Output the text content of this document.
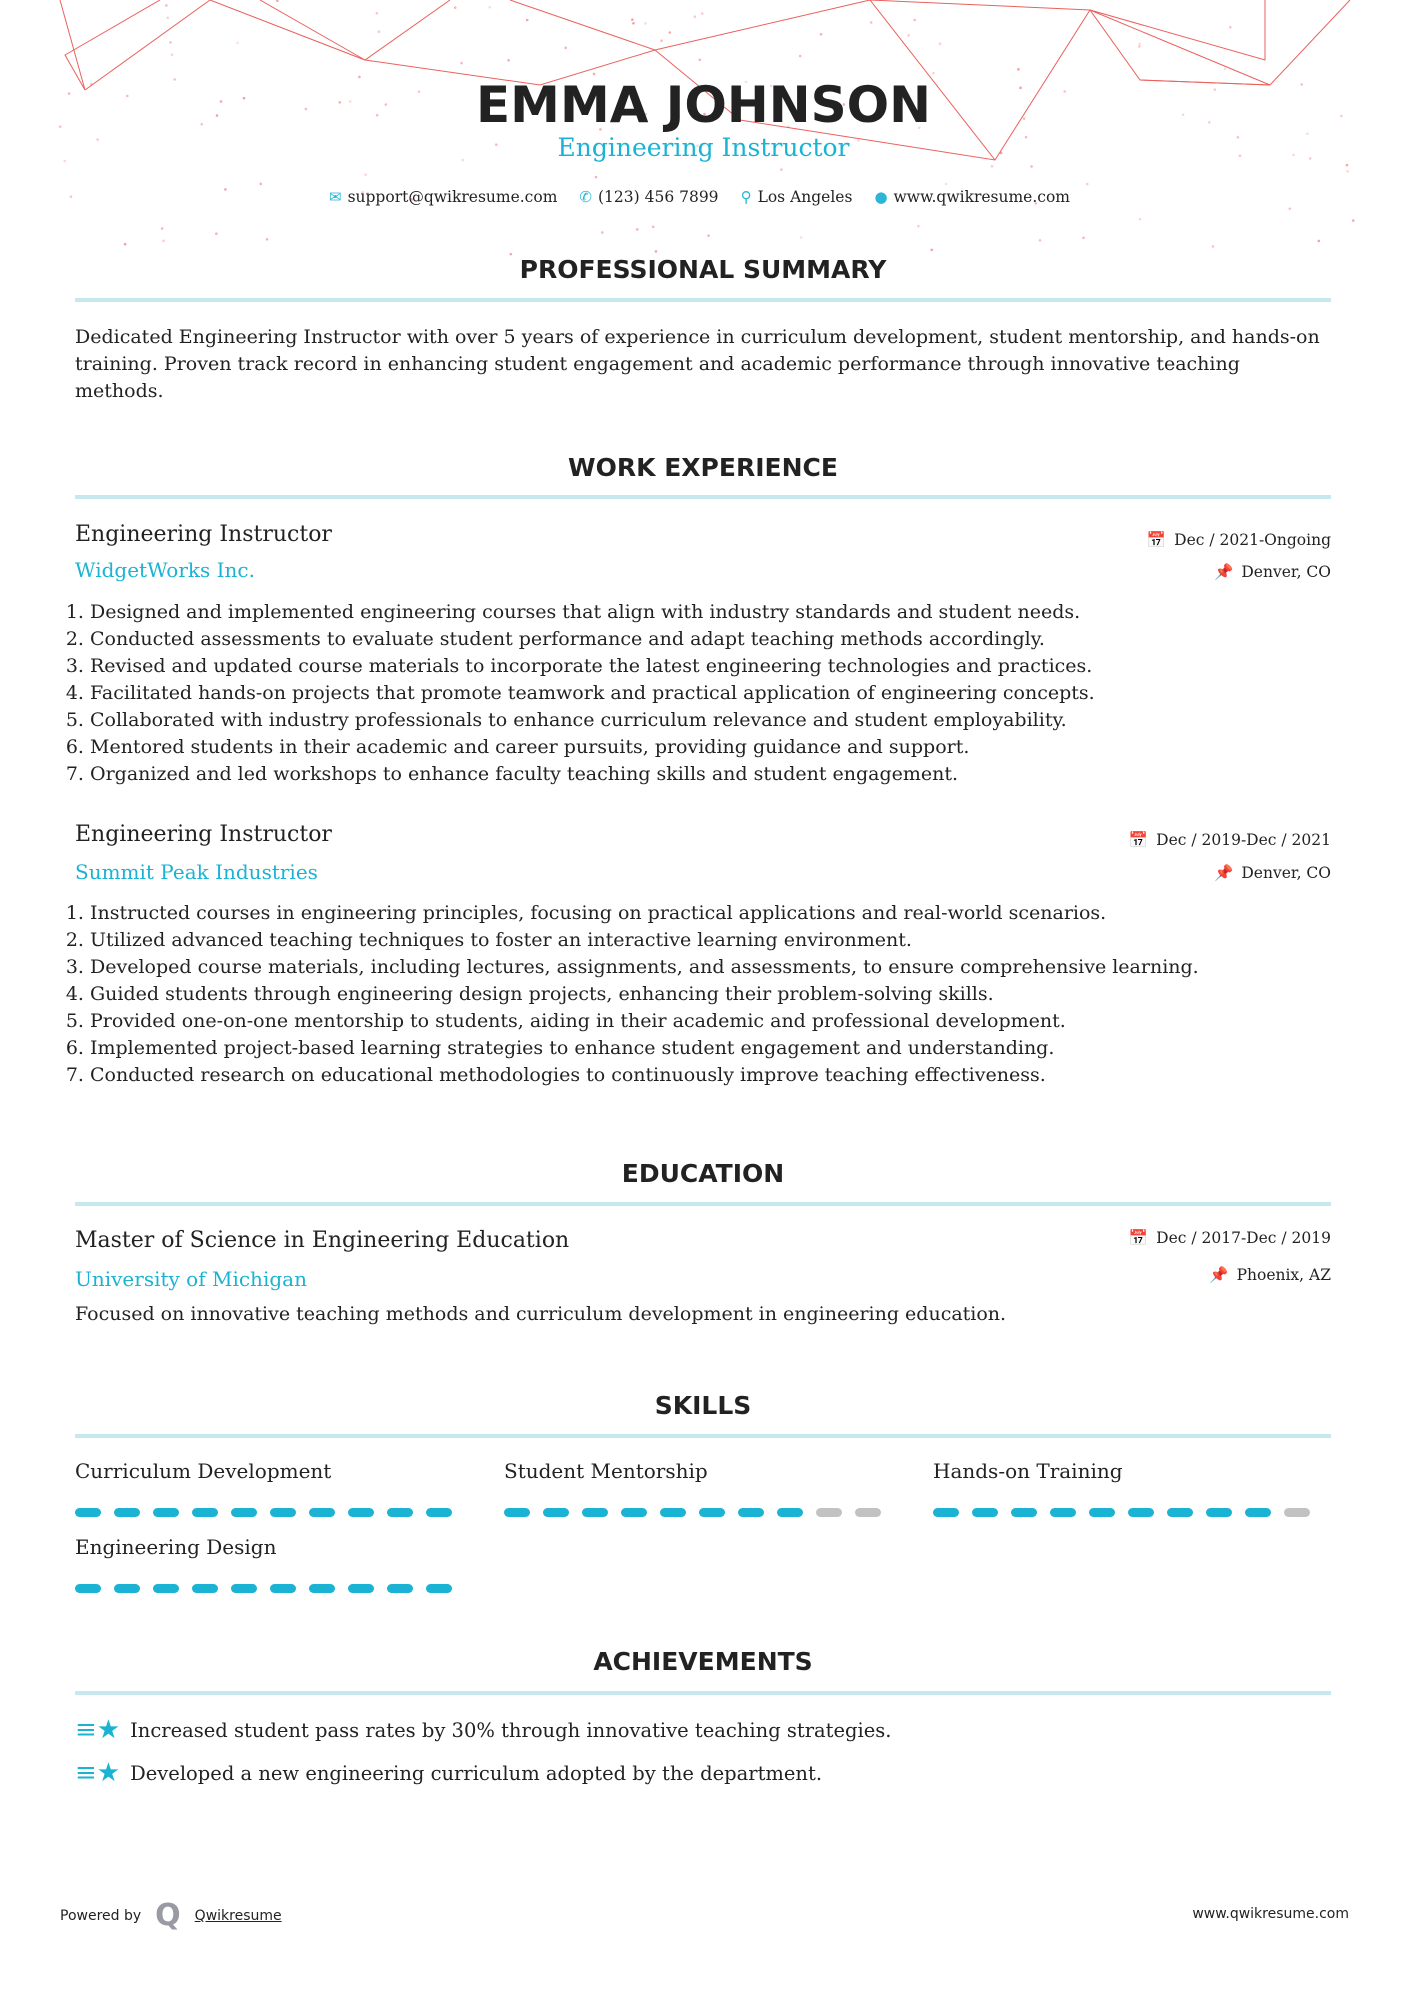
EMMA JOHNSON
Engineering Instructor
✉ support@qwikresume.com ✆ (123) 456 7899 ⚲ Los Angeles ● www.qwikresume.com
PROFESSIONAL SUMMARY
Dedicated Engineering Instructor with over 5 years of experience in curriculum development, student mentorship, and hands-on training. Proven track record in enhancing student engagement and academic performance through innovative teaching methods.
WORK EXPERIENCE
Engineering Instructor
WidgetWorks Inc.
📅 Dec / 2021-Ongoing
📌 Denver, CO
1. Designed and implemented engineering courses that align with industry standards and student needs.
2. Conducted assessments to evaluate student performance and adapt teaching methods accordingly.
3. Revised and updated course materials to incorporate the latest engineering technologies and practices.
4. Facilitated hands-on projects that promote teamwork and practical application of engineering concepts.
5. Collaborated with industry professionals to enhance curriculum relevance and student employability.
6. Mentored students in their academic and career pursuits, providing guidance and support.
7. Organized and led workshops to enhance faculty teaching skills and student engagement.
Engineering Instructor
Summit Peak Industries
📅 Dec / 2019-Dec / 2021
📌 Denver, CO
1. Instructed courses in engineering principles, focusing on practical applications and real-world scenarios.
2. Utilized advanced teaching techniques to foster an interactive learning environment.
3. Developed course materials, including lectures, assignments, and assessments, to ensure comprehensive learning.
4. Guided students through engineering design projects, enhancing their problem-solving skills.
5. Provided one-on-one mentorship to students, aiding in their academic and professional development.
6. Implemented project-based learning strategies to enhance student engagement and understanding.
7. Conducted research on educational methodologies to continuously improve teaching effectiveness.
EDUCATION
Master of Science in Engineering Education
University of Michigan
📅 Dec / 2017-Dec / 2019
📌 Phoenix, AZ
Focused on innovative teaching methods and curriculum development in engineering education.
SKILLS
Curriculum Development	Student Mentorship	Hands-on Training
Engineering Design
ACHIEVEMENTS
≡★ Increased student pass rates by 30% through innovative teaching strategies.
≡★ Developed a new engineering curriculum adopted by the department.
Powered by Q Qwikresume	www.qwikresume.com
